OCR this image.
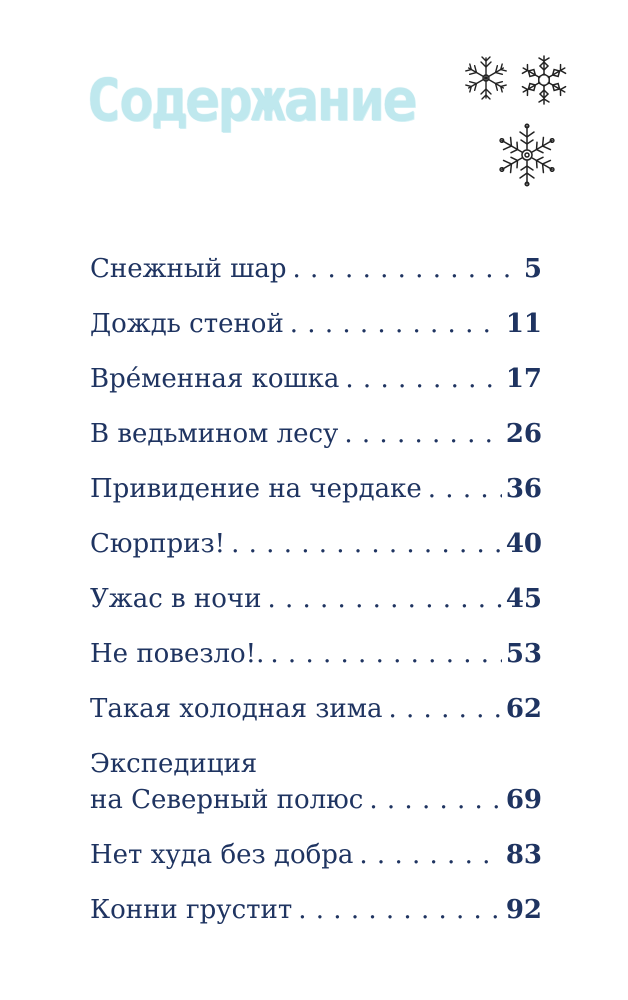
Содержание
Снежный шар . . .	5
Дождь стеной . . .	11
Вре́менная кошка . . .	17
В ведьмином лесу . . .	26
Привидение на чердаке . . .	36
Сюрприз! . . .	40
Ужас в ночи . . .	45
Не повезло!. . . .	53
Такая холодная зима . . .	62
Экспедиция
на Северный полюс . . .	69
Нет худа без добра . . .	83
Конни грустит . . .	92
